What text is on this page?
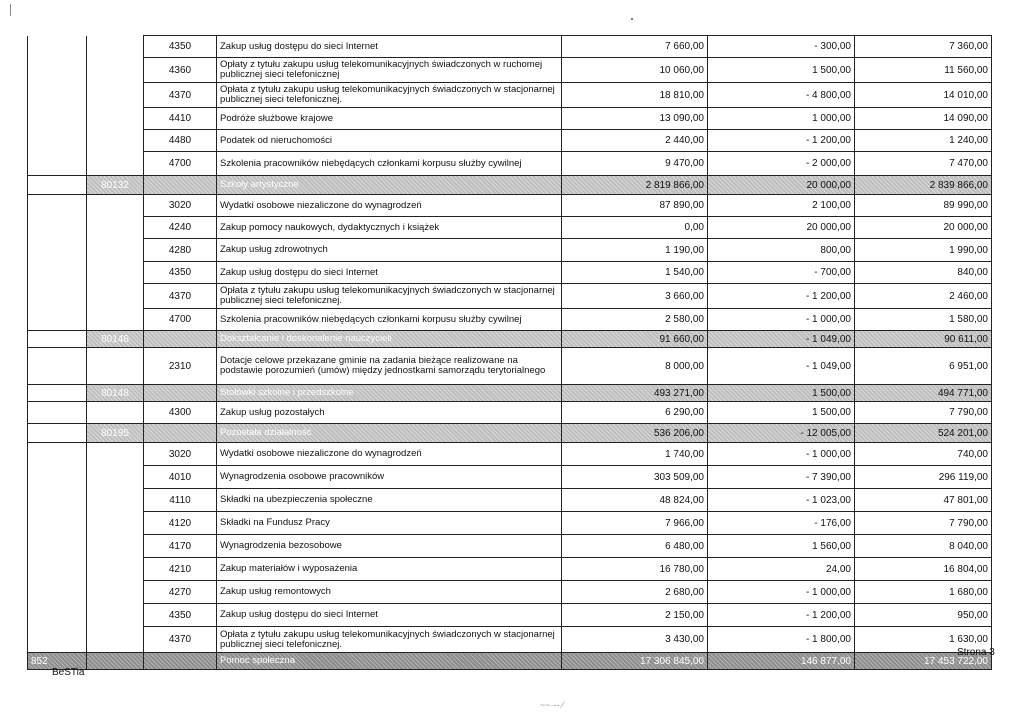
		4350	Zakup usług dostępu do sieci Internet	7 660,00	- 300,00	7 360,00
		4360	Opłaty z tytułu zakupu usług telekomunikacyjnych świadczonych w ruchomej publicznej sieci telefonicznej	10 060,00	1 500,00	11 560,00
		4370	Opłata z tytułu zakupu usług telekomunikacyjnych świadczonych w stacjonarnej publicznej sieci telefonicznej.	18 810,00	- 4 800,00	14 010,00
		4410	Podróże służbowe krajowe	13 090,00	1 000,00	14 090,00
		4480	Podatek od nieruchomości	2 440,00	- 1 200,00	1 240,00
		4700	Szkolenia pracowników niebędących członkami korpusu służby cywilnej	9 470,00	- 2 000,00	7 470,00
	80132		Szkoły artystyczne	2 819 866,00	20 000,00	2 839 866,00
		3020	Wydatki osobowe niezaliczone do wynagrodzeń	87 890,00	2 100,00	89 990,00
		4240	Zakup pomocy naukowych, dydaktycznych i książek	0,00	20 000,00	20 000,00
		4280	Zakup usług zdrowotnych	1 190,00	800,00	1 990,00
		4350	Zakup usług dostępu do sieci Internet	1 540,00	- 700,00	840,00
		4370	Opłata z tytułu zakupu usług telekomunikacyjnych świadczonych w stacjonarnej publicznej sieci telefonicznej.	3 660,00	- 1 200,00	2 460,00
		4700	Szkolenia pracowników niebędących członkami korpusu służby cywilnej	2 580,00	- 1 000,00	1 580,00
	80146		Dokształcanie i doskonalenie nauczycieli	91 660,00	- 1 049,00	90 611,00
		2310	Dotacje celowe przekazane gminie na zadania bieżące realizowane na podstawie porozumień (umów) między jednostkami samorządu terytorialnego	8 000,00	- 1 049,00	6 951,00
	80148		Stołówki szkolne i przedszkolne	493 271,00	1 500,00	494 771,00
		4300	Zakup usług pozostałych	6 290,00	1 500,00	7 790,00
	80195		Pozostała działalność	536 206,00	- 12 005,00	524 201,00
		3020	Wydatki osobowe niezaliczone do wynagrodzeń	1 740,00	- 1 000,00	740,00
		4010	Wynagrodzenia osobowe pracowników	303 509,00	- 7 390,00	296 119,00
		4110	Składki na ubezpieczenia społeczne	48 824,00	- 1 023,00	47 801,00
		4120	Składki na Fundusz Pracy	7 966,00	- 176,00	7 790,00
		4170	Wynagrodzenia bezosobowe	6 480,00	1 560,00	8 040,00
		4210	Zakup materiałów i wyposażenia	16 780,00	24,00	16 804,00
		4270	Zakup usług remontowych	2 680,00	- 1 000,00	1 680,00
		4350	Zakup usług dostępu do sieci Internet	2 150,00	- 1 200,00	950,00
		4370	Opłata z tytułu zakupu usług telekomunikacyjnych świadczonych w stacjonarnej publicznej sieci telefonicznej.	3 430,00	- 1 800,00	1 630,00
852			Pomoc społeczna	17 306 845,00	146 877,00	17 453 722,00
BeSTia
Strona 3
~~·-- ⁄
